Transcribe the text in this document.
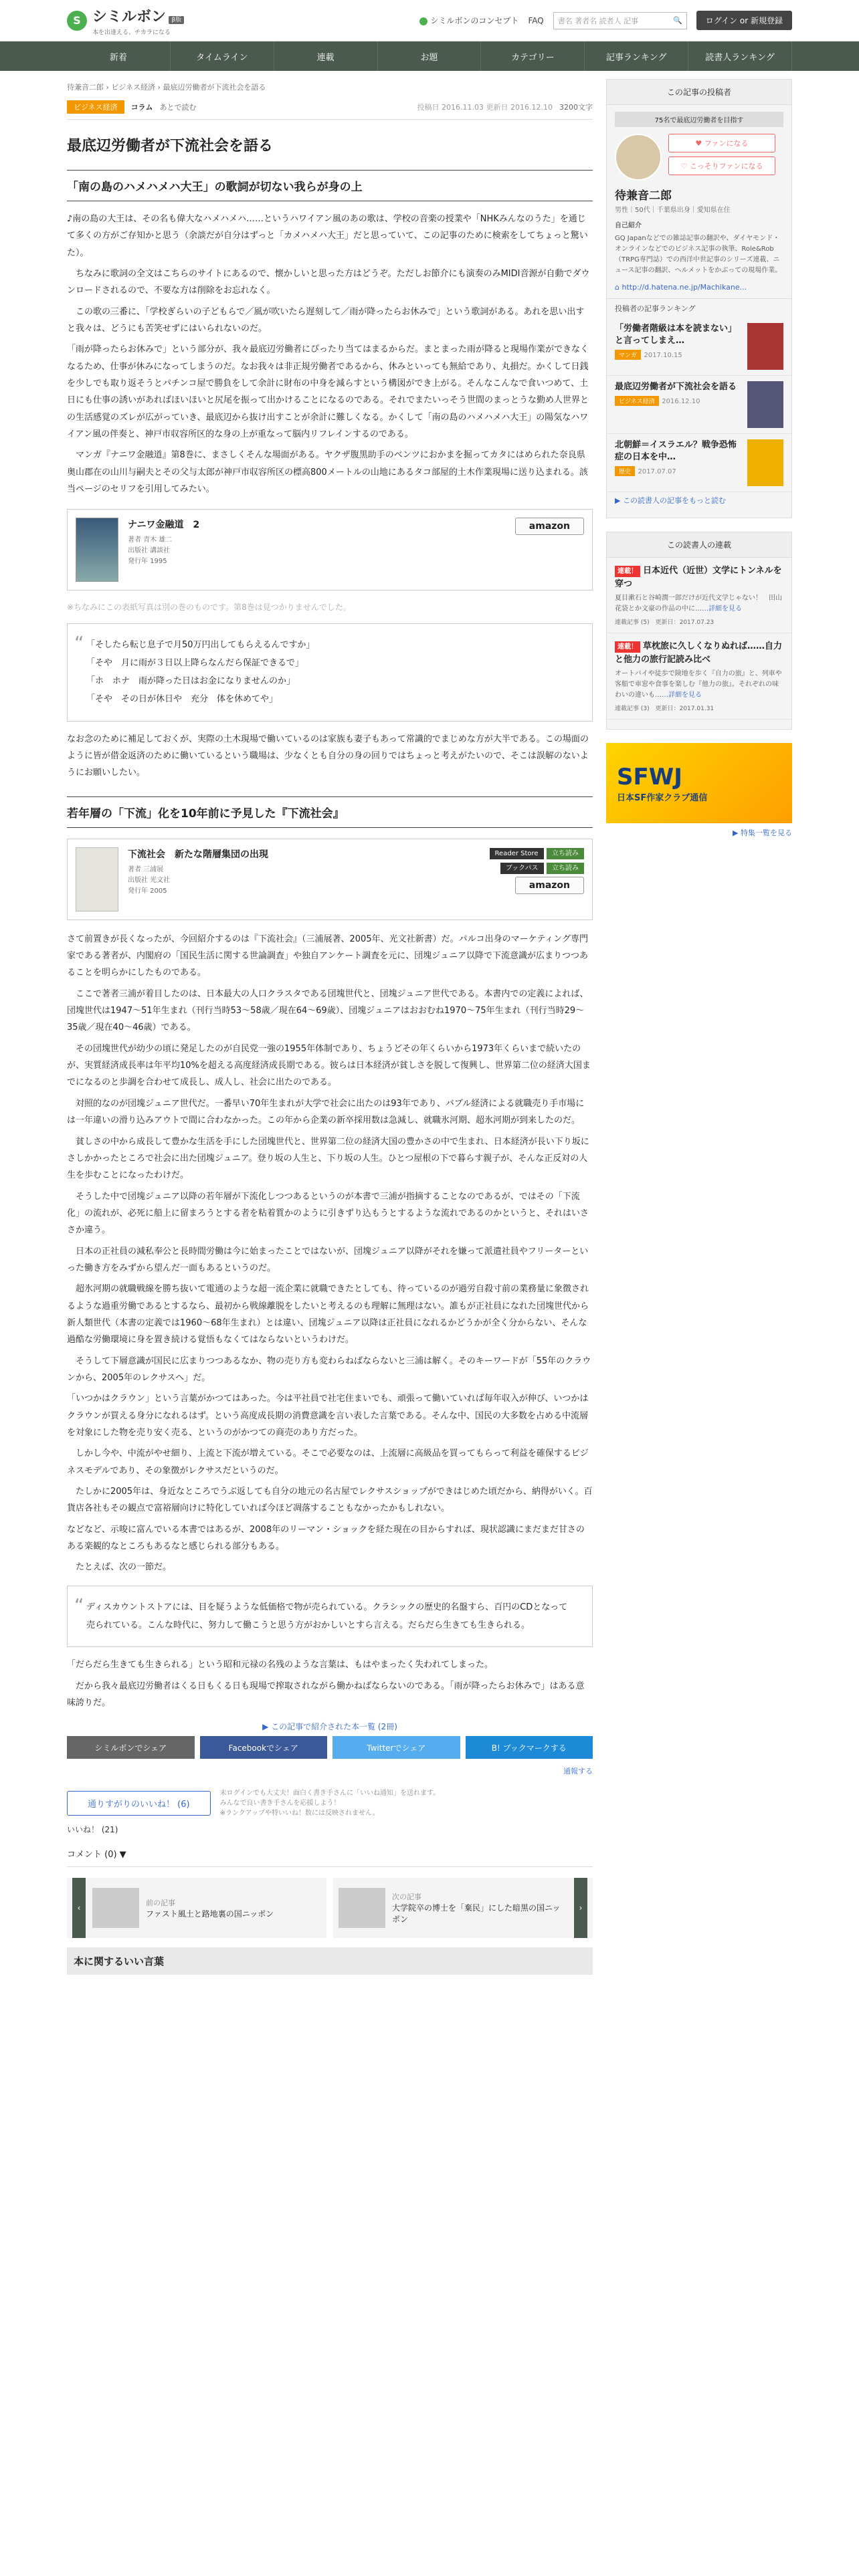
S シミルボン β版
本を出逢える、チカラになる
シミルボンのコンセプト FAQ 書名 著者名 読者人 記事	🔍	ログイン or 新規登録
新着	タイムライン	連載	お題	カテゴリー	記事ランキング	読書人ランキング
待兼音二郎 › ビジネス経済 › 最底辺労働者が下流社会を語る
ビジネス経済	コラム あとで読む	投稿日 2016.11.03 更新日 2016.12.10 3200文字
最底辺労働者が下流社会を語る
「南の島のハメハメハ大王」の歌詞が切ない我らが身の上

♪南の島の大王は、その名も偉大なハメハメハ……というハワイアン風のあの歌は、学校の音楽の授業や「NHKみんなのうた」を通じて多くの方がご存知かと思う（余談だが自分はずっと「カメハメハ大王」だと思っていて、この記事のために検索をしてちょっと驚いた）。

　ちなみに歌詞の全文はこちらのサイトにあるので、懐かしいと思った方はどうぞ。ただしお節介にも演奏のみMIDI音源が自動でダウンロードされるので、不要な方は削除をお忘れなく。

　この歌の三番に、「学校ぎらいの子どもらで／風が吹いたら遅刻して／雨が降ったらお休みで」という歌詞がある。あれを思い出すと我々は、どうにも苦笑せずにはいられないのだ。

「雨が降ったらお休みで」という部分が、我々最底辺労働者にぴったり当てはまるからだ。まとまった雨が降ると現場作業ができなくなるため、仕事が休みになってしまうのだ。なお我々は非正規労働者であるから、休みといっても無給であり、丸損だ。かくして日銭を少しでも取り返そうとパチンコ屋で勝負をして余計に財布の中身を減らすという構図ができ上がる。そんなこんなで食いつめて、土日にも仕事の誘いがあればほいほいと尻尾を振って出かけることになるのである。それでまたいっそう世間のまっとうな勤め人世界との生活感覚のズレが広がっていき、最底辺から抜け出すことが余計に難しくなる。かくして「南の島のハメハメハ大王」の陽気なハワイアン風の伴奏と、神戸市収容所区的な身の上が重なって脳内リフレインするのである。

　マンガ『ナニワ金融道』第8巻に、まさしくそんな場面がある。ヤクザ腹黒助手のベンツにおかまを掘ってカタにはめられた奈良県奥山郡在の山川与嗣夫とその父与太郎が神戸市収容所区の標高800メートルの山地にあるタコ部屋的土木作業現場に送り込まれる。該当ページのセリフを引用してみたい。

ナニワ金融道　2
著者 青木 雄二
出版社 講談社
発行年 1995
amazon
※ちなみにこの表紙写真は別の巻のものです。第8巻は見つかりませんでした。
“ 「そしたら転じ息子で月50万円出してもらえるんですか」
「そや　月に雨が３日以上降らなんだら保証できるで」
「ホ　ホナ　雨が降った日はお金になりませんのか」
「そや　その日が休日や　充分　体を休めてや」

なお念のために補足しておくが、実際の土木現場で働いているのは家族も妻子もあって常識的でまじめな方が大半である。この場面のように皆が借金返済のために働いているという職場は、少なくとも自分の身の回りではちょっと考えがたいので、そこは誤解のないようにお願いしたい。

若年層の「下流」化を10年前に予見した『下流社会』
下流社会　新たな階層集団の出現
著者 三浦展
出版社 光文社
発行年 2005
Reader Store 立ち読み
ブックパス 立ち読み
amazon

さて前置きが長くなったが、今回紹介するのは『下流社会』（三浦展著、2005年、光文社新書）だ。パルコ出身のマーケティング専門家である著者が、内閣府の「国民生活に関する世論調査」や独自アンケート調査を元に、団塊ジュニア以降で下流意識が広まりつつあることを明らかにしたものである。

　ここで著者三浦が着目したのは、日本最大の人口クラスタである団塊世代と、団塊ジュニア世代である。本書内での定義によれば、団塊世代は1947〜51年生まれ（刊行当時53〜58歳／現在64〜69歳）、団塊ジュニアはおおむね1970〜75年生まれ（刊行当時29〜35歳／現在40〜46歳）である。

　その団塊世代が幼少の頃に発足したのが自民党一強の1955年体制であり、ちょうどその年くらいから1973年くらいまで続いたのが、実質経済成長率は年平均10%を超える高度経済成長期である。彼らは日本経済が貧しさを脱して復興し、世界第二位の経済大国までになるのと歩調を合わせて成長し、成人し、社会に出たのである。

　対照的なのが団塊ジュニア世代だ。一番早い70年生まれが大学で社会に出たのは93年であり、バブル経済による就職売り手市場には一年違いの滑り込みアウトで間に合わなかった。この年から企業の新卒採用数は急減し、就職氷河期、超氷河期が到来したのだ。

　貧しさの中から成長して豊かな生活を手にした団塊世代と、世界第二位の経済大国の豊かさの中で生まれ、日本経済が長い下り坂にさしかかったところで社会に出た団塊ジュニア。登り坂の人生と、下り坂の人生。ひとつ屋根の下で暮らす親子が、そんな正反対の人生を歩むことになったわけだ。

　そうした中で団塊ジュニア以降の若年層が下流化しつつあるというのが本書で三浦が指摘することなのであるが、ではその「下流化」の流れが、必死に船上に留まろうとする者を粘着質かのように引きずり込もうとするような流れであるのかというと、それはいささか違う。

　日本の正社員の減私奉公と長時間労働は今に始まったことではないが、団塊ジュニア以降がそれを嫌って派遣社員やフリーターといった働き方をみずから望んだ一面もあるというのだ。

　超氷河期の就職戦線を勝ち抜いて電通のような超一流企業に就職できたとしても、待っているのが過労自殺寸前の業務量に象徴されるような過重労働であるとするなら、最初から戦線離脱をしたいと考えるのも理解に無理はない。誰もが正社員になれた団塊世代から新人類世代（本書の定義では1960〜68年生まれ）とは違い、団塊ジュニア以降は正社員になれるかどうかが全く分からない、そんな過酷な労働環境に身を置き続ける覚悟もなくてはならないというわけだ。

　そうして下層意識が国民に広まりつつあるなか、物の売り方も変わらねばならないと三浦は解く。そのキーワードが「55年のクラウンから、2005年のレクサスへ」だ。

「いつかはクラウン」という言葉がかつてはあった。今は平社員で社宅住まいでも、頑張って働いていれば毎年収入が伸び、いつかはクラウンが買える身分になれるはず。という高度成長期の消費意識を言い表した言葉である。そんな中、国民の大多数を占める中流層を対象にした物を売り安く売る、というのがかつての商売のあり方だった。

　しかし今や、中流がやせ細り、上流と下流が増えている。そこで必要なのは、上流層に高級品を買ってもらって利益を確保するビジネスモデルであり、その象徴がレクサスだというのだ。

　たしかに2005年は、身近なところでうぶ返しても自分の地元の名古屋でレクサスショップができはじめた頃だから、納得がいく。百貨店各社もその観点で富裕層向けに特化していれば今ほど凋落することもなかったかもしれない。

などなど、示唆に富んでいる本書ではあるが、2008年のリーマン・ショックを経た現在の目からすれば、現状認識にまだまだ甘さのある楽観的なところもあるなと感じられる部分もある。

　たとえば、次の一節だ。

“ ディスカウントストアには、目を疑うような低価格で物が売られている。クラシックの歴史的名盤すら、百円のCDとなって売られている。こんな時代に、努力して働こうと思う方がおかしいとすら言える。だらだら生きても生きられる。

「だらだら生きても生きられる」という昭和元禄の名残のような言葉は、もはやまったく失われてしまった。

　だから我々最底辺労働者はくる日もくる日も現場で搾取されながら働かねばならないのである。「雨が降ったらお休みで」はある意味誇りだ。

▶ この記事で紹介された本一覧 (2冊)
シミルボンでシェア	Facebookでシェア	Twitterでシェア	B! ブックマークする
通報する
通りすがりのいいね！ (6)
未ログインでも大丈夫！面白く書き手さんに「いいね通知」を送れます。
みんなで良い書き手さんを応援しよう！
※ランクアップや特いいね！数には反映されません。
いいね！ (21)
コメント (0) ▼
‹
前の記事
ファスト風土と路地裏の国ニッポン
次の記事
大学院卒の博士を「棄民」にした暗黒の国ニッポン
›
本に関するいい言葉
この記事の投稿者
75名で最底辺労働者を目指す
♥ ファンになる
♡ こっそりファンになる
待兼音二郎
男性｜50代｜千葉県出身｜愛知県在住
自己紹介
GQ Japanなどでの雑誌記事の翻訳や、ダイヤモンド・オンラインなどでのビジネス記事の執筆、Role&Rob（TRPG専門誌）での西洋中世記事のシリーズ連載、ニュース記事の翻訳、ヘルメットをかぶっての現場作業。
⌂ http://d.hatena.ne.jp/Machikane...
投稿者の記事ランキング
「労働者階級は本を読まない」と言ってしまえ…
マンガ 2017.10.15
最底辺労働者が下流社会を語る
ビジネス経済 2016.12.10
北朝鮮＝イスラエル？戦争恐怖症の日本を中…
歴史 2017.07.07
▶ この読書人の記事をもっと読む
この読書人の連載
連載！ 日本近代（近世）文学にトンネルを穿つ
夏目漱石と谷崎潤一郎だけが近代文学じゃない！　田山花袋とか文豪の作品の中に……詳細を見る
連載記事 (5)　更新日：2017.07.23
連載！ 草枕旅に久しくなりぬれば……自力と他力の旅行記読み比べ
オートバイや徒歩で険地を歩く『自力の旅』と、列車や客船で車窓や食事を楽しむ『他力の旅』。それぞれの味わいの違いも……詳細を見る
連載記事 (3)　更新日：2017.01.31
SFWJ
日本SF作家クラブ通信
▶ 特集一覧を見る
